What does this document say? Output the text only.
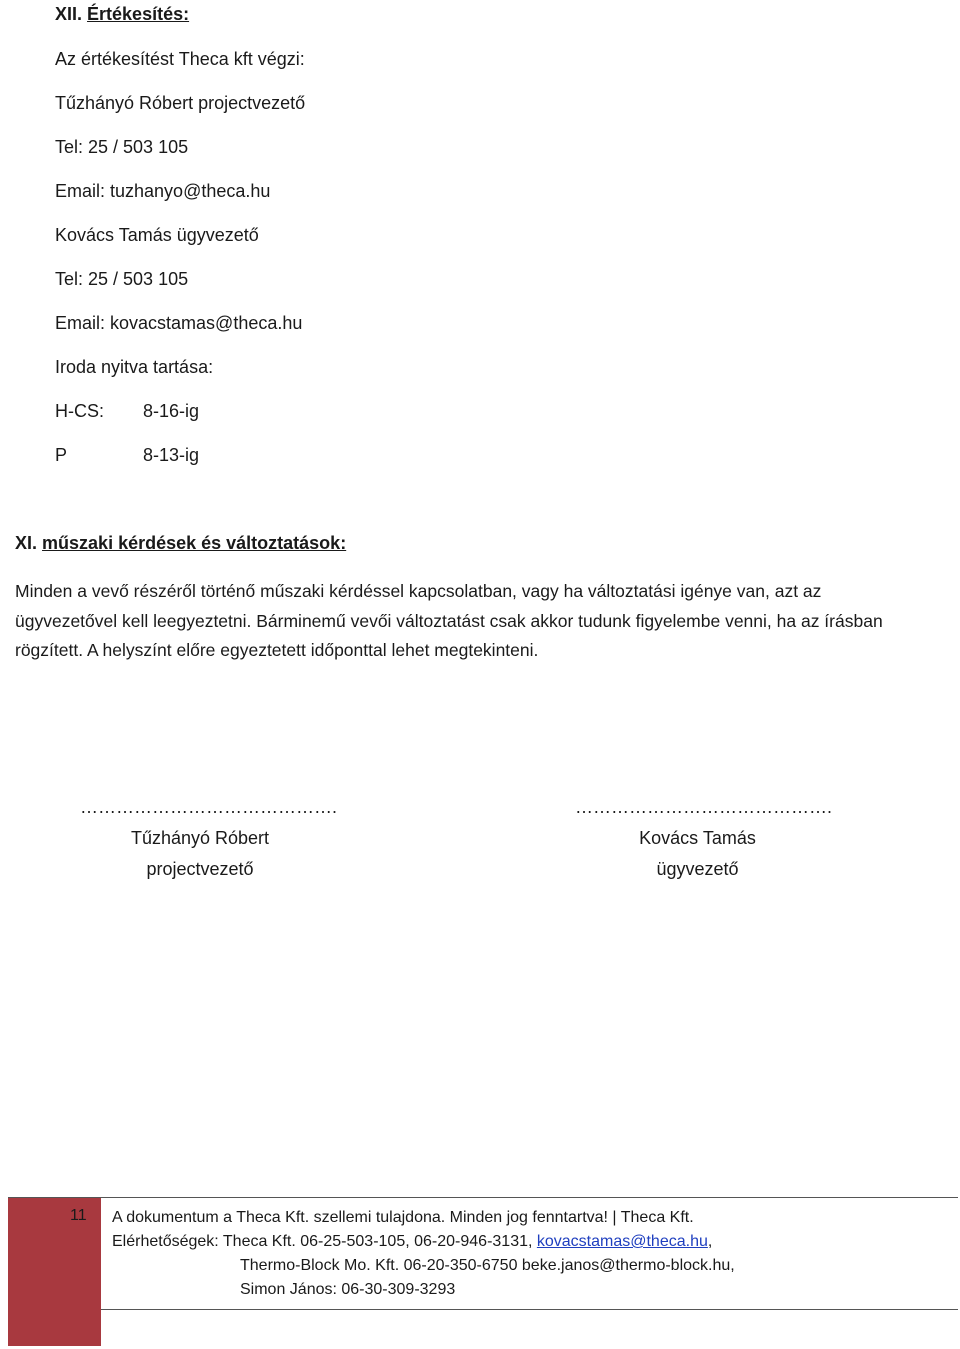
XII. Értékesítés:
Az értékesítést Theca kft végzi:
Tűzhányó Róbert projectvezető
Tel: 25 / 503 105
Email: tuzhanyo@theca.hu
Kovács Tamás ügyvezető
Tel: 25 / 503 105
Email: kovacstamas@theca.hu
Iroda nyitva tartása:
H-CS: 8-16-ig
P	8-13-ig
XI. műszaki kérdések és változtatások:
Minden a vevő részéről történő műszaki kérdéssel kapcsolatban, vagy ha változtatási igénye van, azt az ügyvezetővel kell leegyeztetni. Bárminemű vevői változtatást csak akkor tudunk figyelembe venni, ha az írásban rögzített. A helyszínt előre egyeztetett időponttal lehet megtekinteni.
…………………………………….
Tűzhányó Róbert
projectvezető
…………………………………….
Kovács Tamás
ügyvezető
11 A dokumentum a Theca Kft. szellemi tulajdona. Minden jog fenntartva! | Theca Kft.
Elérhetőségek: Theca Kft. 06-25-503-105, 06-20-946-3131, kovacstamas@theca.hu,
Thermo-Block Mo. Kft. 06-20-350-6750 beke.janos@thermo-block.hu,
Simon János: 06-30-309-3293
